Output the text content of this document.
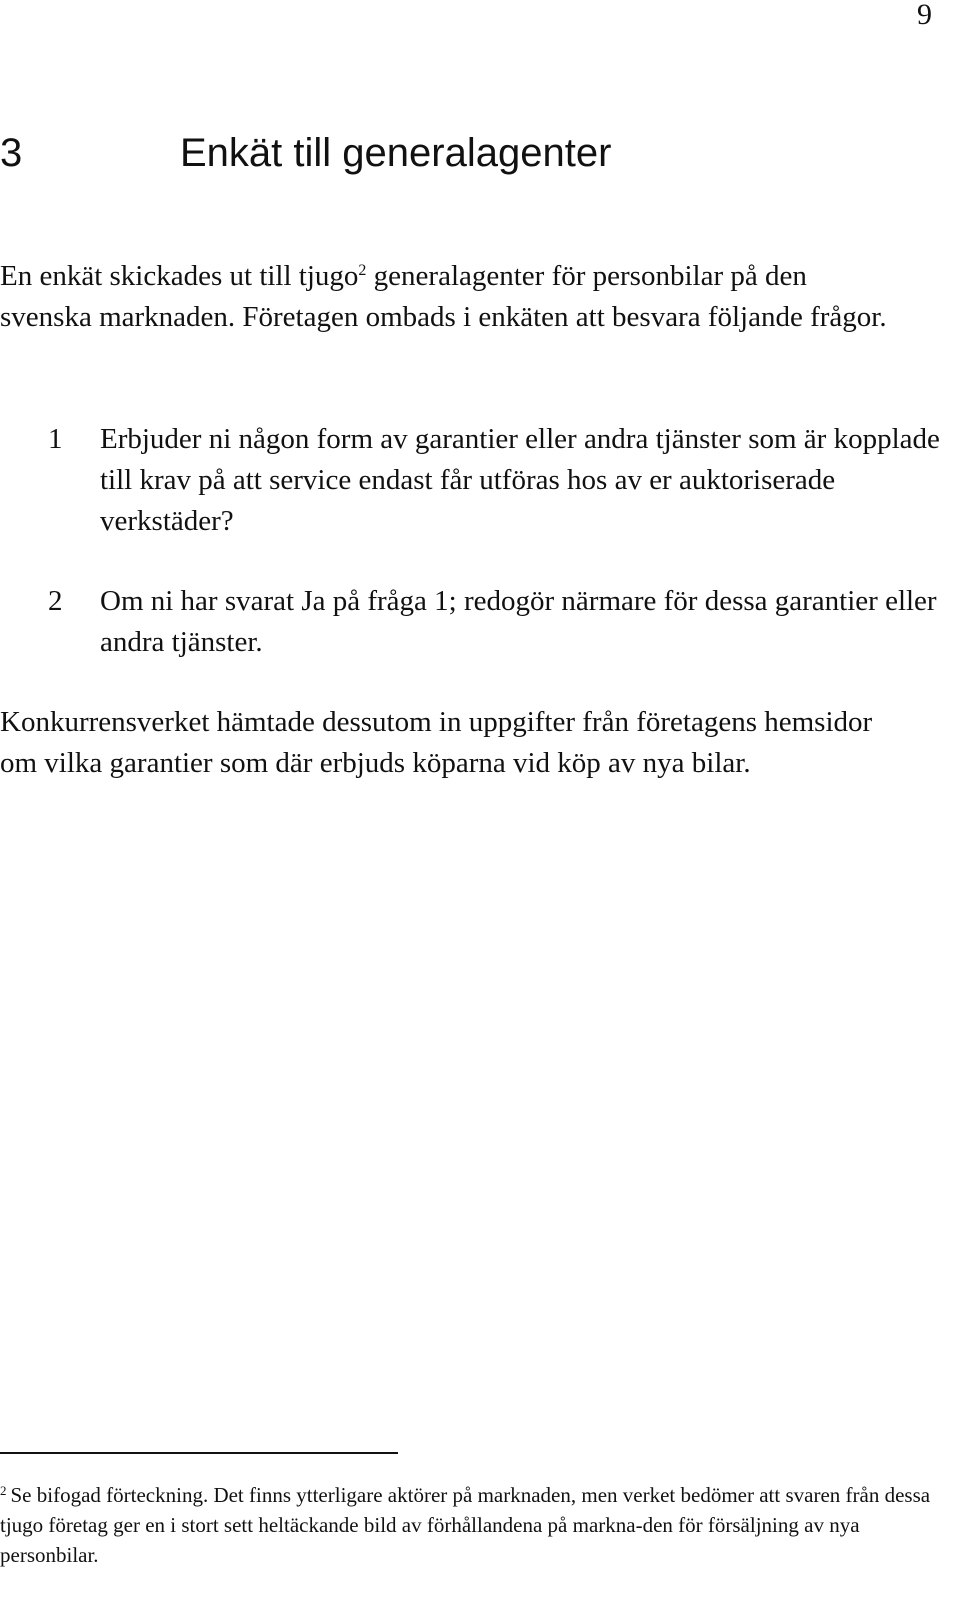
9
3	Enkät till generalagenter

En enkät skickades ut till tjugo$^2$ generalagenter för personbilar på den svenska marknaden. Företagen ombads i enkäten att besvara följande frågor.

1	Erbjuder ni någon form av garantier eller andra tjänster som är kopplade till krav på att service endast får utföras hos av er auktoriserade verkstäder?
2	Om ni har svarat Ja på fråga 1; redogör närmare för dessa garantier eller andra tjänster.

Konkurrensverket hämtade dessutom in uppgifter från företagens hemsidor om vilka garantier som där erbjuds köparna vid köp av nya bilar.

$^2$ Se bifogad förteckning. Det finns ytterligare aktörer på marknaden, men verket bedömer att svaren från dessa tjugo företag ger en i stort sett heltäckande bild av förhållandena på markna-den för försäljning av nya personbilar.
